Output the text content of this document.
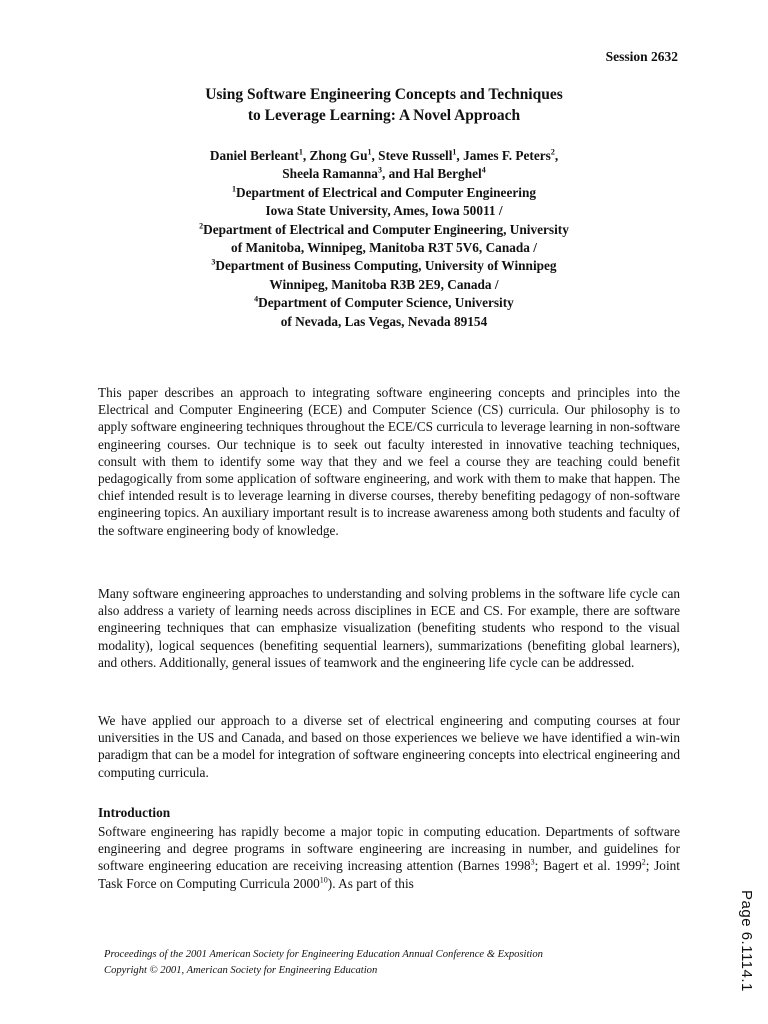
Session 2632
Using Software Engineering Concepts and Techniques
to Leverage Learning: A Novel Approach
Daniel Berleant$^1$, Zhong Gu$^1$, Steve Russell$^1$, James F. Peters$^2$,
Sheela Ramanna$^3$, and Hal Berghel$^4$
$^1$Department of Electrical and Computer Engineering
Iowa State University, Ames, Iowa 50011 /
$^2$Department of Electrical and Computer Engineering, University
of Manitoba, Winnipeg, Manitoba R3T 5V6, Canada /
$^3$Department of Business Computing, University of Winnipeg
Winnipeg, Manitoba R3B 2E9, Canada /
$^4$Department of Computer Science, University
of Nevada, Las Vegas, Nevada 89154

This paper describes an approach to integrating software engineering concepts and principles into the Electrical and Computer Engineering (ECE) and Computer Science (CS) curricula. Our philosophy is to apply software engineering techniques throughout the ECE/CS curricula to leverage learning in non-software engineering courses. Our technique is to seek out faculty interested in innovative teaching techniques, consult with them to identify some way that they and we feel a course they are teaching could benefit pedagogically from some application of software engineering, and work with them to make that happen. The chief intended result is to leverage learning in diverse courses, thereby benefiting pedagogy of non-software engineering topics. An auxiliary important result is to increase awareness among both students and faculty of the software engineering body of knowledge.

Many software engineering approaches to understanding and solving problems in the software life cycle can also address a variety of learning needs across disciplines in ECE and CS. For example, there are software engineering techniques that can emphasize visualization (benefiting students who respond to the visual modality), logical sequences (benefiting sequential learners), summarizations (benefiting global learners), and others. Additionally, general issues of teamwork and the engineering life cycle can be addressed.

We have applied our approach to a diverse set of electrical engineering and computing courses at four universities in the US and Canada, and based on those experiences we believe we have identified a win-win paradigm that can be a model for integration of software engineering concepts into electrical engineering and computing curricula.

Introduction

Software engineering has rapidly become a major topic in computing education. Departments of software engineering and degree programs in software engineering are increasing in number, and guidelines for software engineering education are receiving increasing attention (Barnes 1998$^3$; Bagert et al. 1999$^2$; Joint Task Force on Computing Curricula 2000$^{10}$). As part of this

Proceedings of the 2001 American Society for Engineering Education Annual Conference & Exposition
Copyright © 2001, American Society for Engineering Education	Page 6.1114.1
